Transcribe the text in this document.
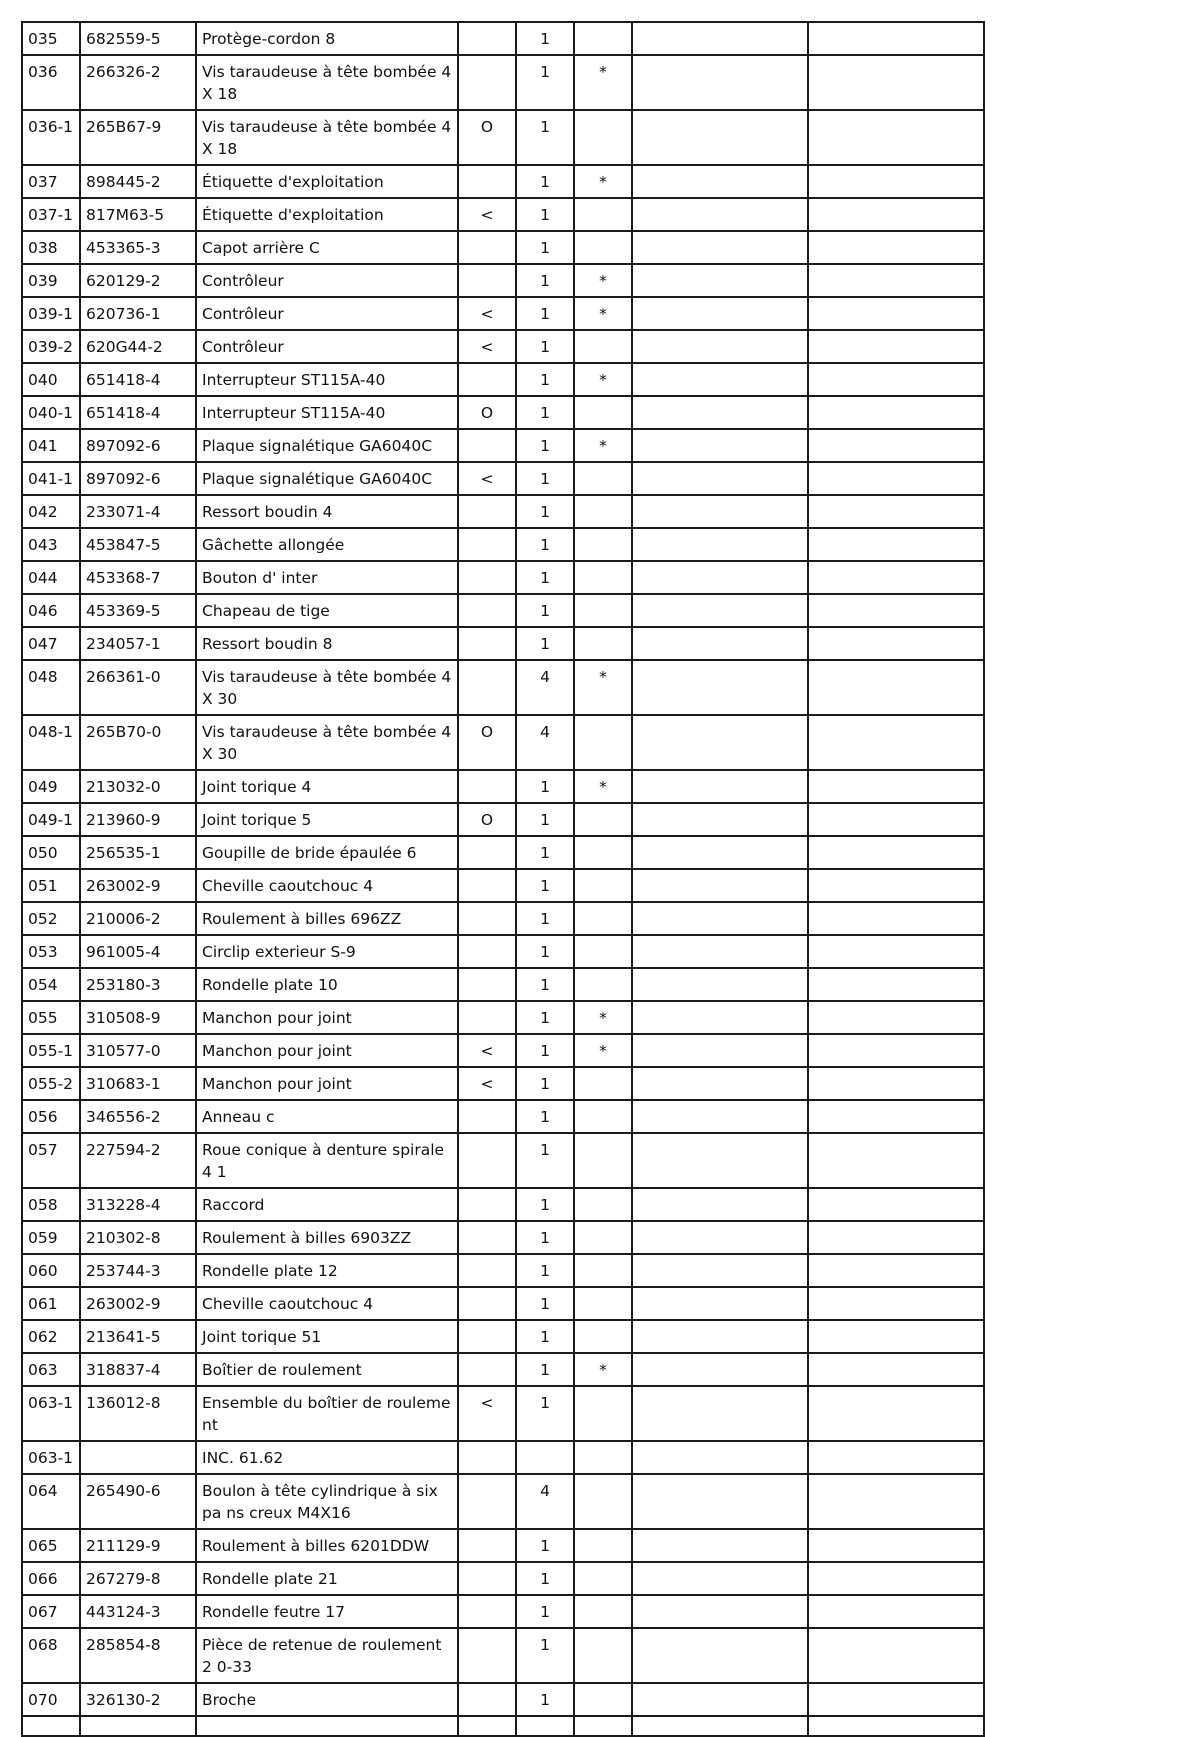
035	682559-5	Protège-cordon 8		1			
036	266326-2	Vis taraudeuse à tête bombée 4X 18		1	*		
036-1	265B67-9	Vis taraudeuse à tête bombée 4X 18	O	1			
037	898445-2	Étiquette d'exploitation		1	*		
037-1	817M63-5	Étiquette d'exploitation	<	1			
038	453365-3	Capot arrière C		1			
039	620129-2	Contrôleur		1	*		
039-1	620736-1	Contrôleur	<	1	*		
039-2	620G44-2	Contrôleur	<	1			
040	651418-4	Interrupteur ST115A-40		1	*		
040-1	651418-4	Interrupteur ST115A-40	O	1			
041	897092-6	Plaque signalétique GA6040C		1	*		
041-1	897092-6	Plaque signalétique GA6040C	<	1			
042	233071-4	Ressort boudin 4		1			
043	453847-5	Gâchette allongée		1			
044	453368-7	Bouton d' inter		1			
046	453369-5	Chapeau de tige		1			
047	234057-1	Ressort boudin 8		1			
048	266361-0	Vis taraudeuse à tête bombée 4X 30		4	*		
048-1	265B70-0	Vis taraudeuse à tête bombée 4X 30	O	4			
049	213032-0	Joint torique 4		1	*		
049-1	213960-9	Joint torique 5	O	1			
050	256535-1	Goupille de bride épaulée 6		1			
051	263002-9	Cheville caoutchouc 4		1			
052	210006-2	Roulement à billes 696ZZ		1			
053	961005-4	Circlip exterieur S-9		1			
054	253180-3	Rondelle plate 10		1			
055	310508-9	Manchon pour joint		1	*		
055-1	310577-0	Manchon pour joint	<	1	*		
055-2	310683-1	Manchon pour joint	<	1			
056	346556-2	Anneau c		1			
057	227594-2	Roue conique à denture spirale 4 1		1			
058	313228-4	Raccord		1			
059	210302-8	Roulement à billes 6903ZZ		1			
060	253744-3	Rondelle plate 12		1			
061	263002-9	Cheville caoutchouc 4		1			
062	213641-5	Joint torique 51		1			
063	318837-4	Boîtier de roulement		1	*		
063-1	136012-8	Ensemble du boîtier de rouleme nt	<	1			
063-1		INC. 61.62					
064	265490-6	Boulon à tête cylindrique à six pa ns creux M4X16		4			
065	211129-9	Roulement à billes 6201DDW		1			
066	267279-8	Rondelle plate 21		1			
067	443124-3	Rondelle feutre 17		1			
068	285854-8	Pièce de retenue de roulement 2 0-33		1			
070	326130-2	Broche		1			
